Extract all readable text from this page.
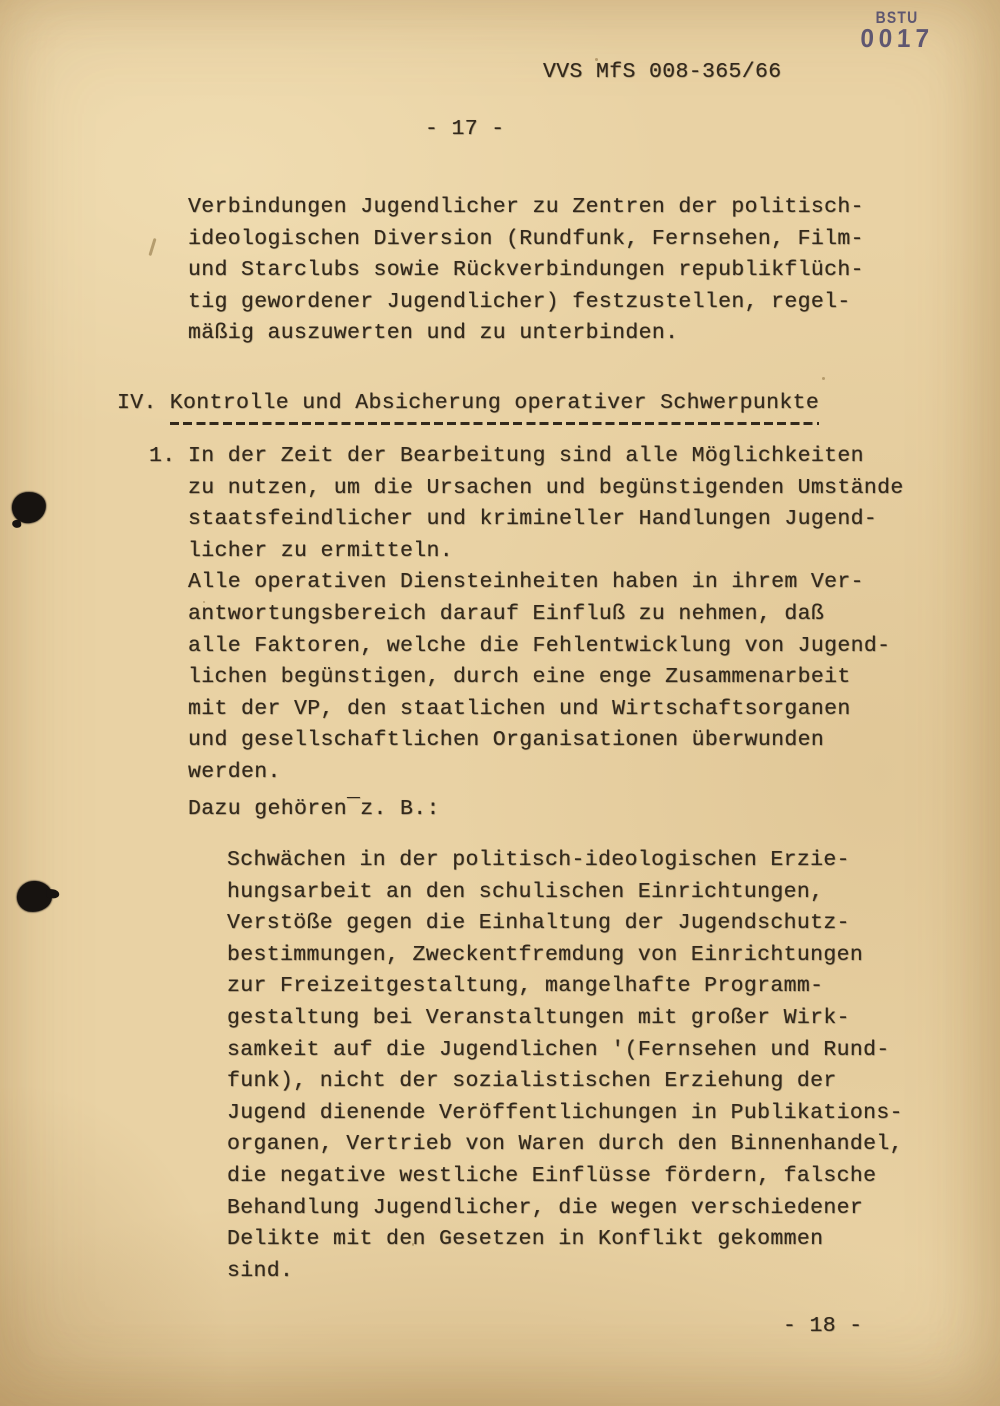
BSTU
0017
VVS MfS 008-365/66
- 17 -
Verbindungen Jugendlicher zu Zentren der politisch-
ideologischen Diversion (Rundfunk, Fernsehen, Film-
und Starclubs sowie Rückverbindungen republikflüch-
tig gewordener Jugendlicher) festzustellen, regel-
mäßig auszuwerten und zu unterbinden.
IV. Kontrolle und Absicherung operativer Schwerpunkte
1. In der Zeit der Bearbeitung sind alle Möglichkeiten
zu nutzen, um die Ursachen und begünstigenden Umstände
staatsfeindlicher und krimineller Handlungen Jugend-
licher zu ermitteln.
Alle operativen Diensteinheiten haben in ihrem Ver-
antwortungsbereich darauf Einfluß zu nehmen, daß
alle Faktoren, welche die Fehlentwicklung von Jugend-
lichen begünstigen, durch eine enge Zusammenarbeit
mit der VP, den staatlichen und Wirtschaftsorganen
und gesellschaftlichen Organisationen überwunden
werden.
Dazu gehören¯z. B.:
Schwächen in der politisch-ideologischen Erzie-
hungsarbeit an den schulischen Einrichtungen,
Verstöße gegen die Einhaltung der Jugendschutz-
bestimmungen, Zweckentfremdung von Einrichtungen
zur Freizeitgestaltung, mangelhafte Programm-
gestaltung bei Veranstaltungen mit großer Wirk-
samkeit auf die Jugendlichen '(Fernsehen und Rund-
funk), nicht der sozialistischen Erziehung der
Jugend dienende Veröffentlichungen in Publikations-
organen, Vertrieb von Waren durch den Binnenhandel,
die negative westliche Einflüsse fördern, falsche
Behandlung Jugendlicher, die wegen verschiedener
Delikte mit den Gesetzen in Konflikt gekommen
sind.
- 18 -
